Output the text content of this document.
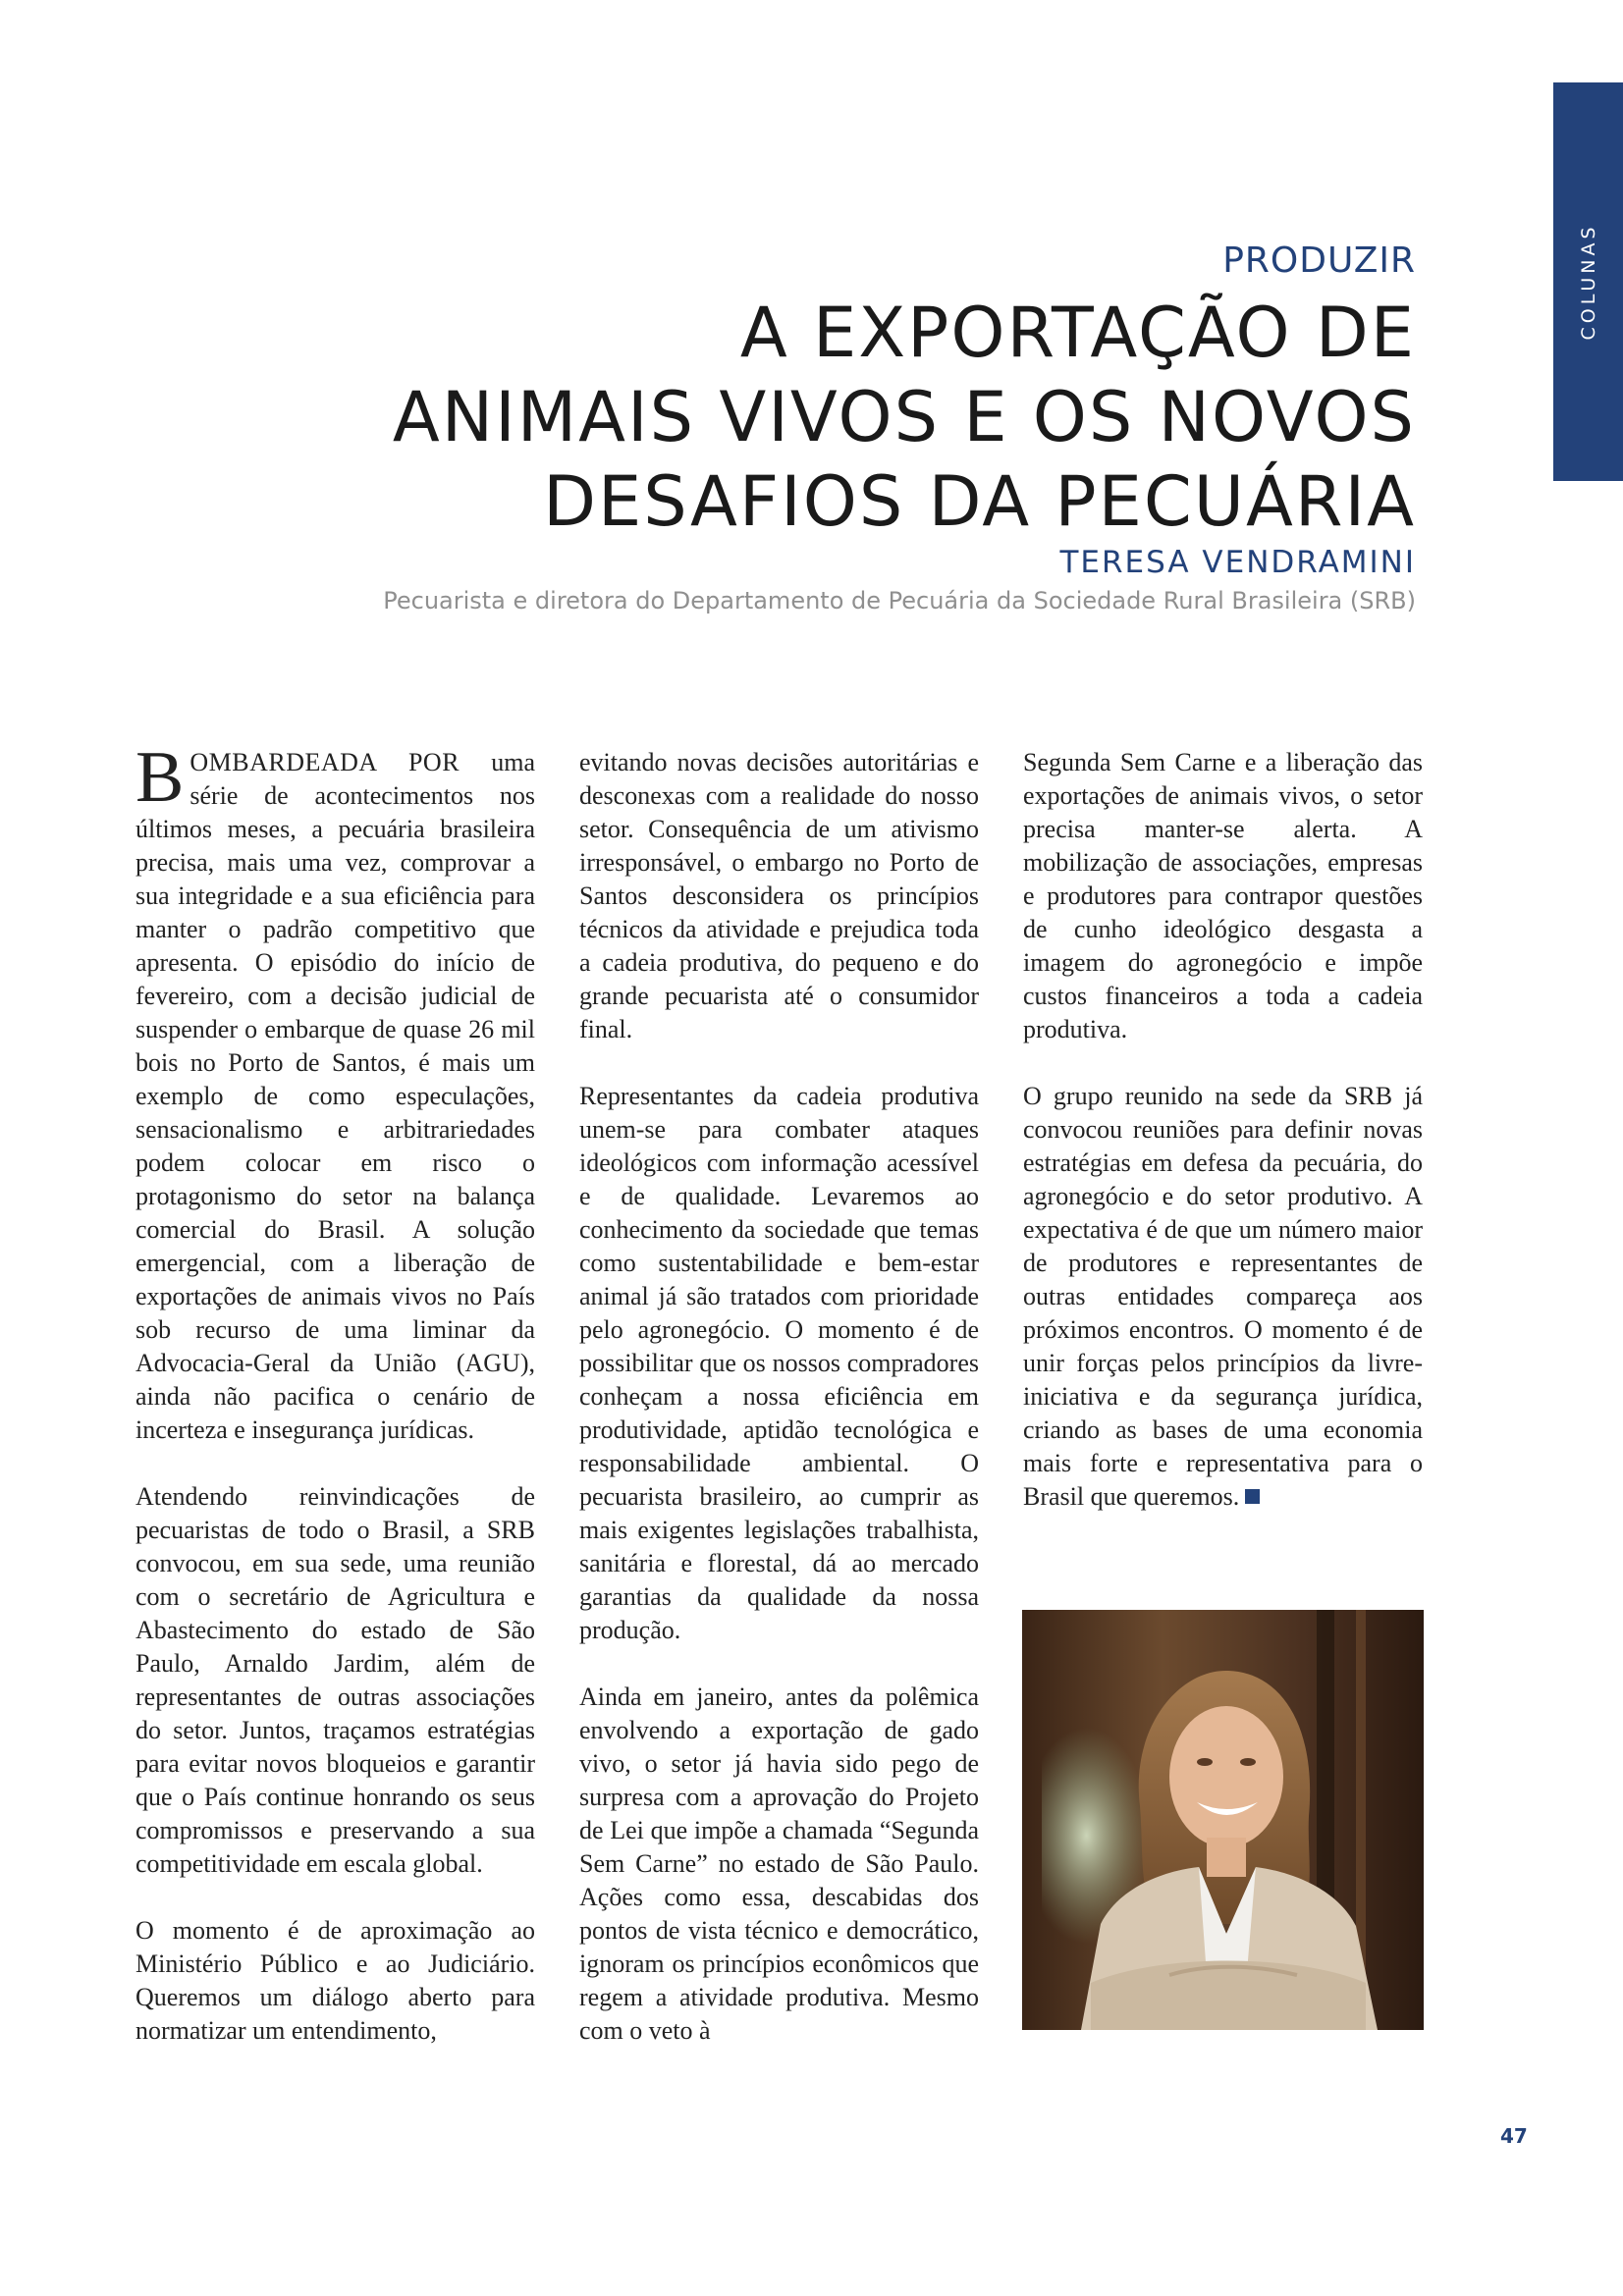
COLUNAS

PRODUZIR

A EXPORTAÇÃO DE
ANIMAIS VIVOS E OS NOVOS
DESAFIOS DA PECUÁRIA

TERESA VENDRAMINI

Pecuarista e diretora do Departamento de Pecuária da Sociedade Rural Brasileira (SRB)

BOMBARDEADA POR uma série de acontecimentos nos últimos meses, a pecuária brasileira precisa, mais uma vez, comprovar a sua integridade e a sua eficiência para manter o padrão competitivo que apresenta. O episódio do início de fevereiro, com a decisão judicial de suspender o embarque de quase 26 mil bois no Porto de Santos, é mais um exemplo de como especulações, sensacionalismo e arbitrariedades podem colocar em risco o protagonismo do setor na balança comercial do Brasil. A solução emergencial, com a liberação de exportações de animais vivos no País sob recurso de uma liminar da Advocacia-Geral da União (AGU), ainda não pacifica o cenário de incerteza e insegurança jurídicas.

Atendendo reinvindicações de pecuaristas de todo o Brasil, a SRB convocou, em sua sede, uma reunião com o secretário de Agricultura e Abastecimento do estado de São Paulo, Arnaldo Jardim, além de representantes de outras associações do setor. Juntos, traçamos estratégias para evitar novos bloqueios e garantir que o País continue honrando os seus compromissos e preservando a sua competitividade em escala global.

O momento é de aproximação ao Ministério Público e ao Judiciário. Queremos um diálogo aberto para normatizar um entendimento,

evitando novas decisões autoritárias e desconexas com a realidade do nosso setor. Consequência de um ativismo irresponsável, o embargo no Porto de Santos desconsidera os princípios técnicos da atividade e prejudica toda a cadeia produtiva, do pequeno e do grande pecuarista até o consumidor final.

Representantes da cadeia produtiva unem-se para combater ataques ideológicos com informação acessível e de qualidade. Levaremos ao conhecimento da sociedade que temas como sustentabilidade e bem-estar animal já são tratados com prioridade pelo agronegócio. O momento é de possibilitar que os nossos compradores conheçam a nossa eficiência em produtividade, aptidão tecnológica e responsabilidade ambiental. O pecuarista brasileiro, ao cumprir as mais exigentes legislações trabalhista, sanitária e florestal, dá ao mercado garantias da qualidade da nossa produção.

Ainda em janeiro, antes da polêmica envolvendo a exportação de gado vivo, o setor já havia sido pego de surpresa com a aprovação do Projeto de Lei que impõe a chamada “Segunda Sem Carne” no estado de São Paulo. Ações como essa, descabidas dos pontos de vista técnico e democrático, ignoram os princípios econômicos que regem a atividade produtiva. Mesmo com o veto à

Segunda Sem Carne e a liberação das exportações de animais vivos, o setor precisa manter-se alerta. A mobilização de associações, empresas e produtores para contrapor questões de cunho ideológico desgasta a imagem do agronegócio e impõe custos financeiros a toda a cadeia produtiva.

O grupo reunido na sede da SRB já convocou reuniões para definir novas estratégias em defesa da pecuária, do agronegócio e do setor produtivo. A expectativa é de que um número maior de produtores e representantes de outras entidades compareça aos próximos encontros. O momento é de unir forças pelos princípios da livre-iniciativa e da segurança jurídica, criando as bases de uma economia mais forte e representativa para o Brasil que queremos.

47
